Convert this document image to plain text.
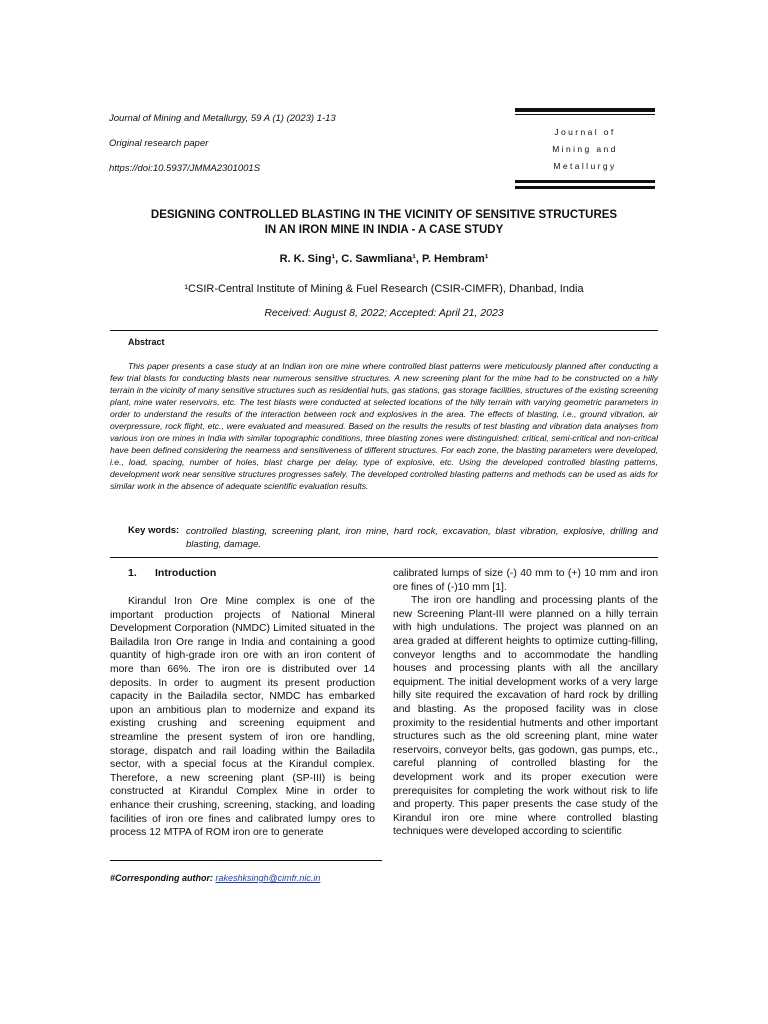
Journal of Mining and Metallurgy, 59 A (1) (2023) 1-13
Original research paper
https://doi:10.5937/JMMA2301001S
Journal of
Mining and
Metallurgy
DESIGNING CONTROLLED BLASTING IN THE VICINITY OF SENSITIVE STRUCTURES
IN AN IRON MINE IN INDIA - A CASE STUDY
R. K. Sing¹, C. Sawmliana¹, P. Hembram¹
¹CSIR-Central Institute of Mining & Fuel Research (CSIR-CIMFR), Dhanbad, India
Received: August 8, 2022; Accepted: April 21, 2023
Abstract
This paper presents a case study at an Indian iron ore mine where controlled blast patterns were meticulously planned after conducting a few trial blasts for conducting blasts near numerous sensitive structures. A new screening plant for the mine had to be constructed on a hilly terrain in the vicinity of many sensitive structures such as residential huts, gas stations, gas storage facilities, structures of the existing screening plant, mine water reservoirs, etc. The test blasts were conducted at selected locations of the hilly terrain with varying geometric parameters in order to understand the results of the interaction between rock and explosives in the area. The effects of blasting, i.e., ground vibration, air overpressure, rock flight, etc., were evaluated and measured. Based on the results the results of test blasting and vibration data analyses from various iron ore mines in India with similar topographic conditions, three blasting zones were distinguished: critical, semi-critical and non-critical have been defined considering the nearness and sensitiveness of different structures. For each zone, the blasting parameters were developed, i.e., load, spacing, number of holes, blast charge per delay, type of explosive, etc. Using the developed controlled blasting patterns, development work near sensitive structures progresses safely. The developed controlled blasting patterns and methods can be used as aids for similar work in the absence of adequate scientific evaluation results.
Key words: controlled blasting, screening plant, iron mine, hard rock, excavation, blast vibration, explosive, drilling and blasting, damage.
1. Introduction

Kirandul Iron Ore Mine complex is one of the important production projects of National Mineral Development Corporation (NMDC) Limited situated in the Bailadila Iron Ore range in India and containing a good quantity of high-grade iron ore with an iron content of more than 66%. The iron ore is distributed over 14 deposits. In order to augment its present production capacity in the Bailadila sector, NMDC has embarked upon an ambitious plan to modernize and expand its existing crushing and screening equipment and streamline the present system of iron ore handling, storage, dispatch and rail loading within the Bailadila sector, with a special focus at the Kirandul complex. Therefore, a new screening plant (SP-III) is being constructed at Kirandul Complex Mine in order to enhance their crushing, screening, stacking, and loading facilities of iron ore fines and calibrated lumpy ores to process 12 MTPA of ROM iron ore to generate

calibrated lumps of size (-) 40 mm to (+) 10 mm and iron ore fines of (-)10 mm [1].

The iron ore handling and processing plants of the new Screening Plant-III were planned on a hilly terrain with high undulations. The project was planned on an area graded at different heights to optimize cutting-filling, conveyor lengths and to accommodate the handling houses and processing plants with all the ancillary equipment. The initial development works of a very large hilly site required the excavation of hard rock by drilling and blasting. As the proposed facility was in close proximity to the residential hutments and other important structures such as the old screening plant, mine water reservoirs, conveyor belts, gas godown, gas pumps, etc., careful planning of controlled blasting for the development work and its proper execution were prerequisites for completing the work without risk to life and property. This paper presents the case study of the Kirandul iron ore mine where controlled blasting techniques were developed according to scientific

#Corresponding author: rakeshksingh@cimfr.nic.in
